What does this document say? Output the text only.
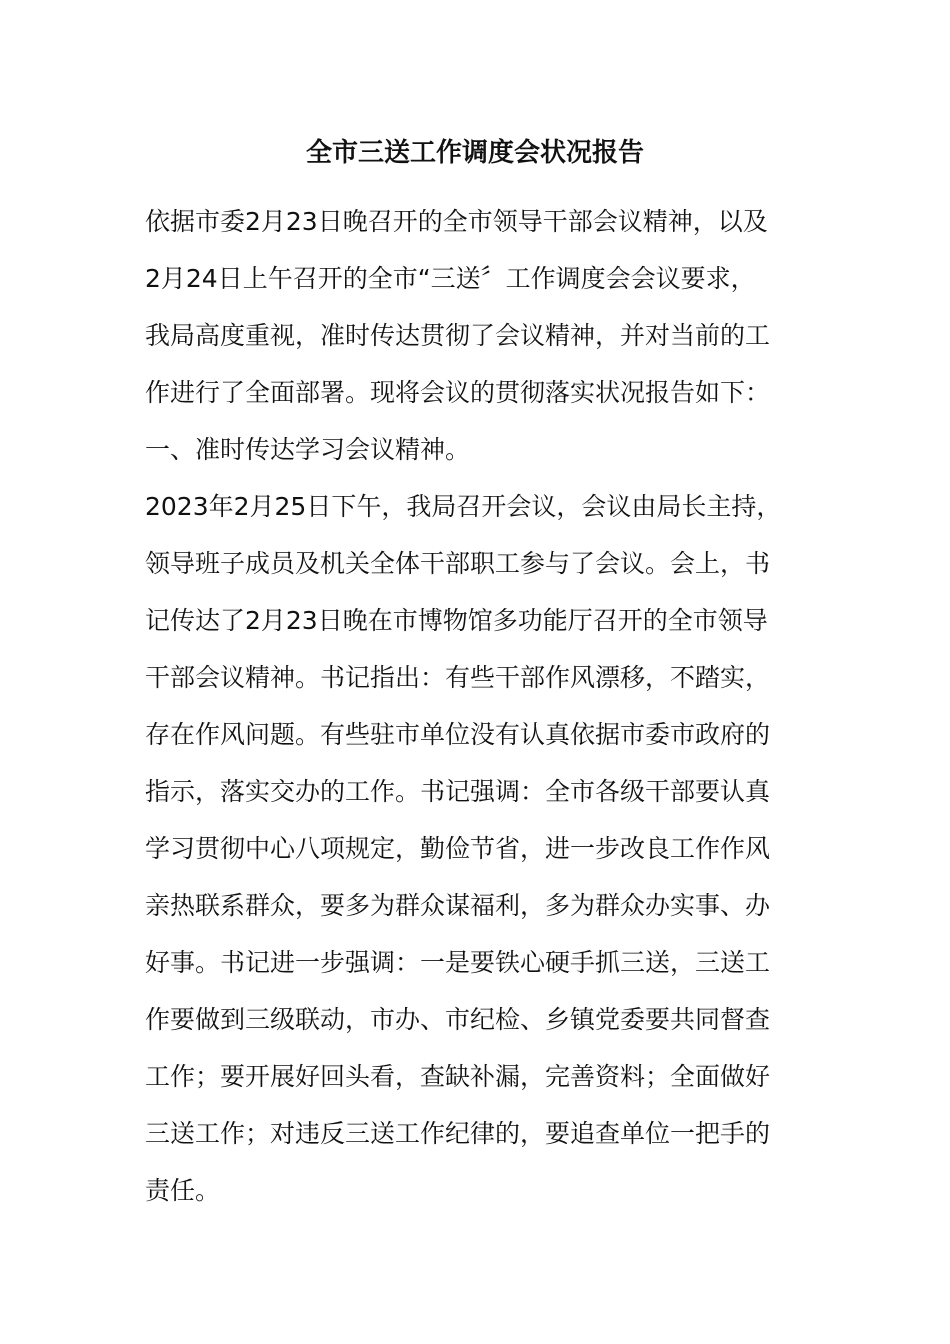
全市三送工作调度会状况报告
依据市委2月23日晚召开的全市领导干部会议精神，以及
2月24日上午召开的全市“三送〞工作调度会会议要求，
我局高度重视，准时传达贯彻了会议精神，并对当前的工
作进行了全面部署。现将会议的贯彻落实状况报告如下：
一、准时传达学习会议精神。
2023年2月25日下午，我局召开会议，会议由局长主持，
领导班子成员及机关全体干部职工参与了会议。会上，书
记传达了2月23日晚在市博物馆多功能厅召开的全市领导
干部会议精神。书记指出：有些干部作风漂移，不踏实，
存在作风问题。有些驻市单位没有认真依据市委市政府的
指示，落实交办的工作。书记强调：全市各级干部要认真
学习贯彻中心八项规定，勤俭节省，进一步改良工作作风
亲热联系群众，要多为群众谋福利，多为群众办实事、办
好事。书记进一步强调：一是要铁心硬手抓三送，三送工
作要做到三级联动，市办、市纪检、乡镇党委要共同督查
工作；要开展好回头看，查缺补漏，完善资料；全面做好
三送工作；对违反三送工作纪律的，要追查单位一把手的
责任。
